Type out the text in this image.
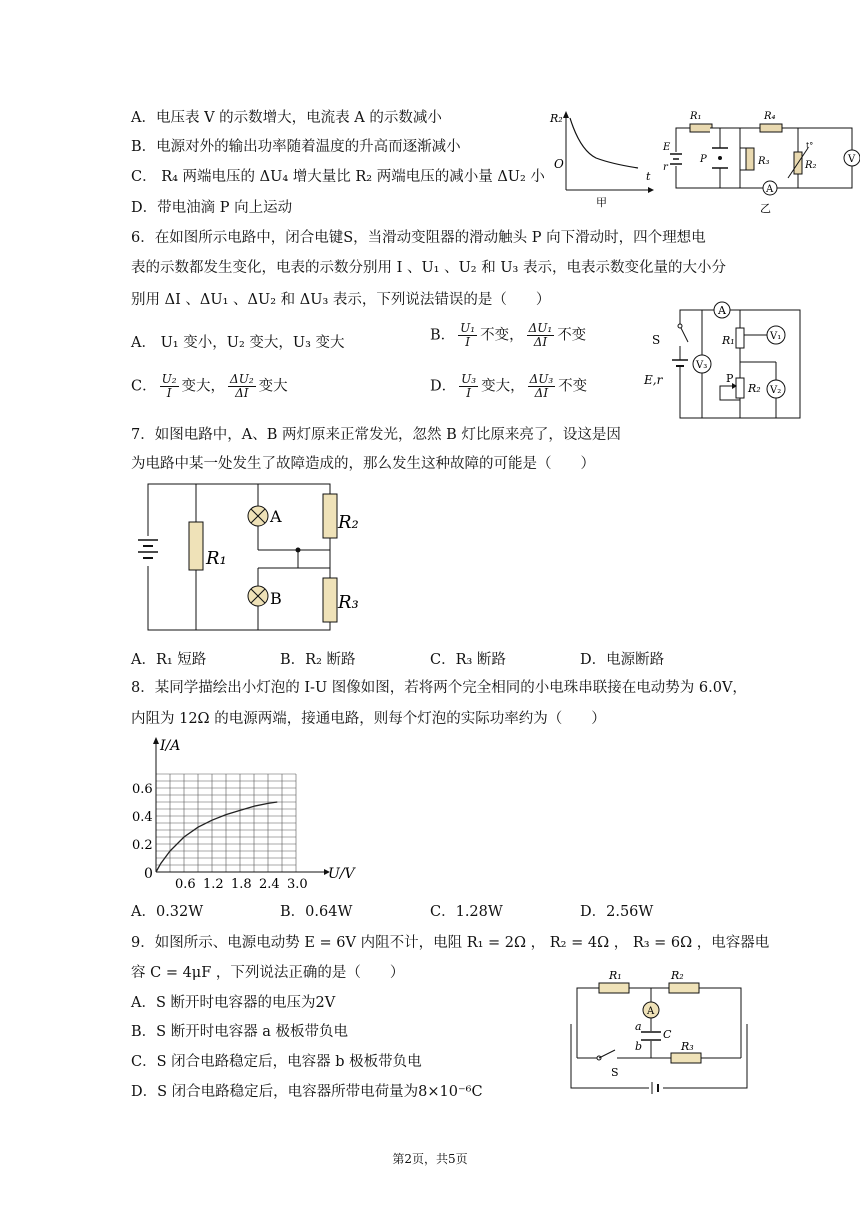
A．电压表 V 的示数增大，电流表 A 的示数减小
B．电源对外的输出功率随着温度的升高而逐渐减小
C． R₄ 两端电压的 ΔU₄ 增大量比 R₂ 两端电压的减小量 ΔU₂ 小
D．带电油滴 P 向上运动
R₂
O
t
甲
A
V
R₁	R₄
R₃	R₂
E
r
P
t°
乙
6．在如图所示电路中，闭合电键S，当滑动变阻器的滑动触头 P 向下滑动时，四个理想电
表的示数都发生变化，电表的示数分别用 I 、U₁ 、U₂ 和 U₃ 表示，电表示数变化量的大小分
别用 ΔI 、ΔU₁ 、ΔU₂ 和 ΔU₃ 表示，下列说法错误的是（　　）
A． U₁ 变小，U₂ 变大，U₃ 变大	B． $\frac{\text{U₁}}{I}$ 不变， $\frac{\text{ΔU₁}}{\Delta I}$ 不变
C． $\frac{\text{U₂}}{I}$ 变大， $\frac{\text{ΔU₂}}{\Delta I}$ 变大	D． $\frac{\text{U₃}}{I}$ 变大， $\frac{\text{ΔU₃}}{\Delta I}$ 不变
A
V₃
R₁	V₁
P
R₂ V₂
S
E,r
7．如图电路中，A、B 两灯原来正常发光，忽然 B 灯比原来亮了，设这是因
为电路中某一处发生了故障造成的，那么发生这种故障的可能是（　　）
R₁
A
B
R₂
R₃
A．R₁ 短路	B．R₂ 断路	C．R₃ 断路	D．电源断路
8．某同学描绘出小灯泡的 I-U 图像如图，若将两个完全相同的小电珠串联接在电动势为 6.0V，
内阻为 12Ω 的电源两端，接通电路，则每个灯泡的实际功率约为（　　）
0.6 1.2 1.8 2.4 3.0
0.2
0.4
0.6
I/A
U/V
0
A．0.32W	B．0.64W	C．1.28W	D．2.56W
9．如图所示、电源电动势 E = 6V 内阻不计，电阻 R₁ = 2Ω ， R₂ = 4Ω ， R₃ = 6Ω ，电容器电
容 C = 4μF ，下列说法正确的是（　　）
A．S 断开时电容器的电压为2V
B．S 断开时电容器 a 极板带负电
C．S 闭合电路稳定后，电容器 b 极板带负电
D．S 闭合电路稳定后，电容器所带电荷量为8×10⁻⁶C
R₁	R₂
A
a
b
C
S
R₃
第2页，共5页
